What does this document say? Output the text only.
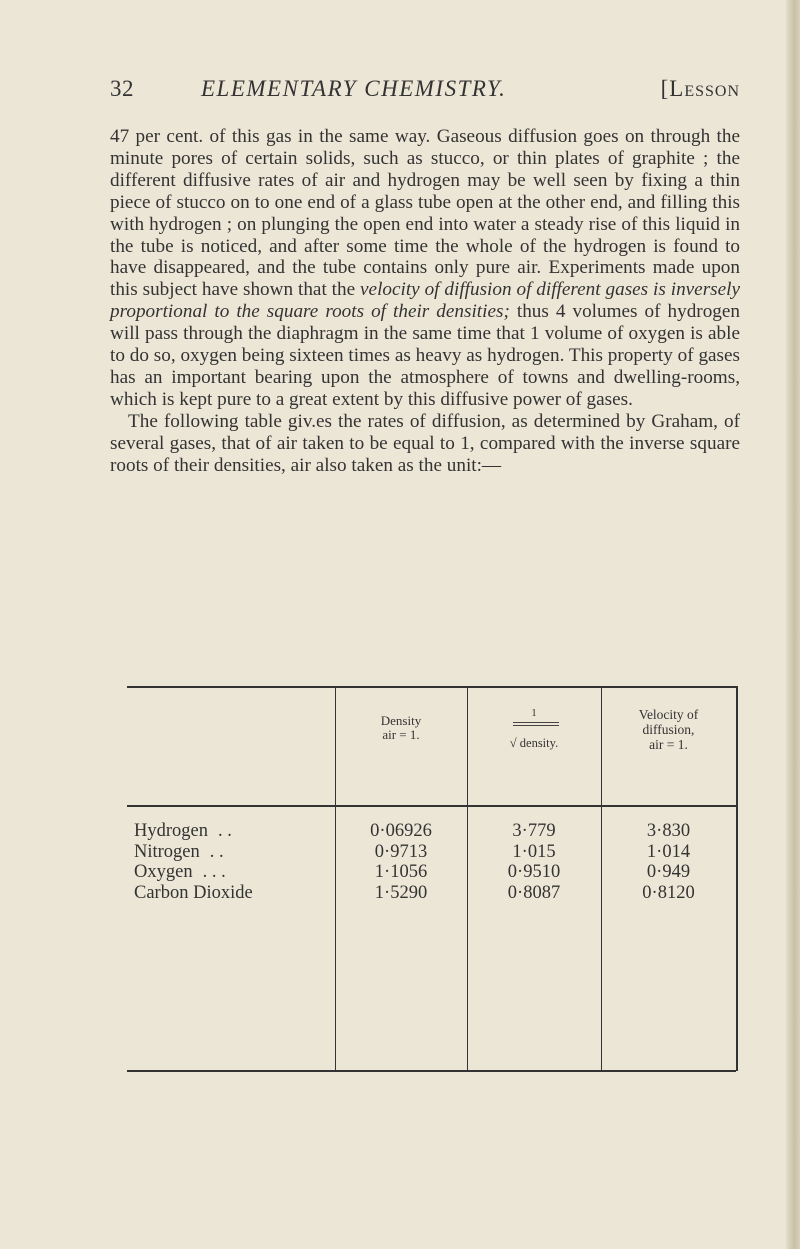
32	ELEMENTARY CHEMISTRY.	[Lesson

47 per cent. of this gas in the same way. Gaseous diffusion goes on through the minute pores of certain solids, such as stucco, or thin plates of graphite ; the different diffusive rates of air and hydrogen may be well seen by fixing a thin piece of stucco on to one end of a glass tube open at the other end, and filling this with hydrogen ; on plunging the open end into water a steady rise of this liquid in the tube is noticed, and after some time the whole of the hydrogen is found to have disappeared, and the tube contains only pure air. Experiments made upon this subject have shown that the velocity of diffusion of different gases is inversely proportional to the square roots of their densities; thus 4 volumes of hydrogen will pass through the diaphragm in the same time that 1 volume of oxygen is able to do so, oxygen being sixteen times as heavy as hydrogen. This property of gases has an important bearing upon the atmosphere of towns and dwelling-rooms, which is kept pure to a great extent by this diffusive power of gases.

The following table giv.es the rates of diffusion, as determined by Graham, of several gases, that of air taken to be equal to 1, compared with the inverse square roots of their densities, air also taken as the unit:—

Density
air = 1.
1
√ density.
Velocity of
diffusion,
air = 1.
Hydrogen . .
Nitrogen . .
Oxygen . . .
Carbon Dioxide
0·06926
0·9713
1·1056
1·5290
3·779
1·015
0·9510
0·8087
3·830
1·014
0·949
0·8120
